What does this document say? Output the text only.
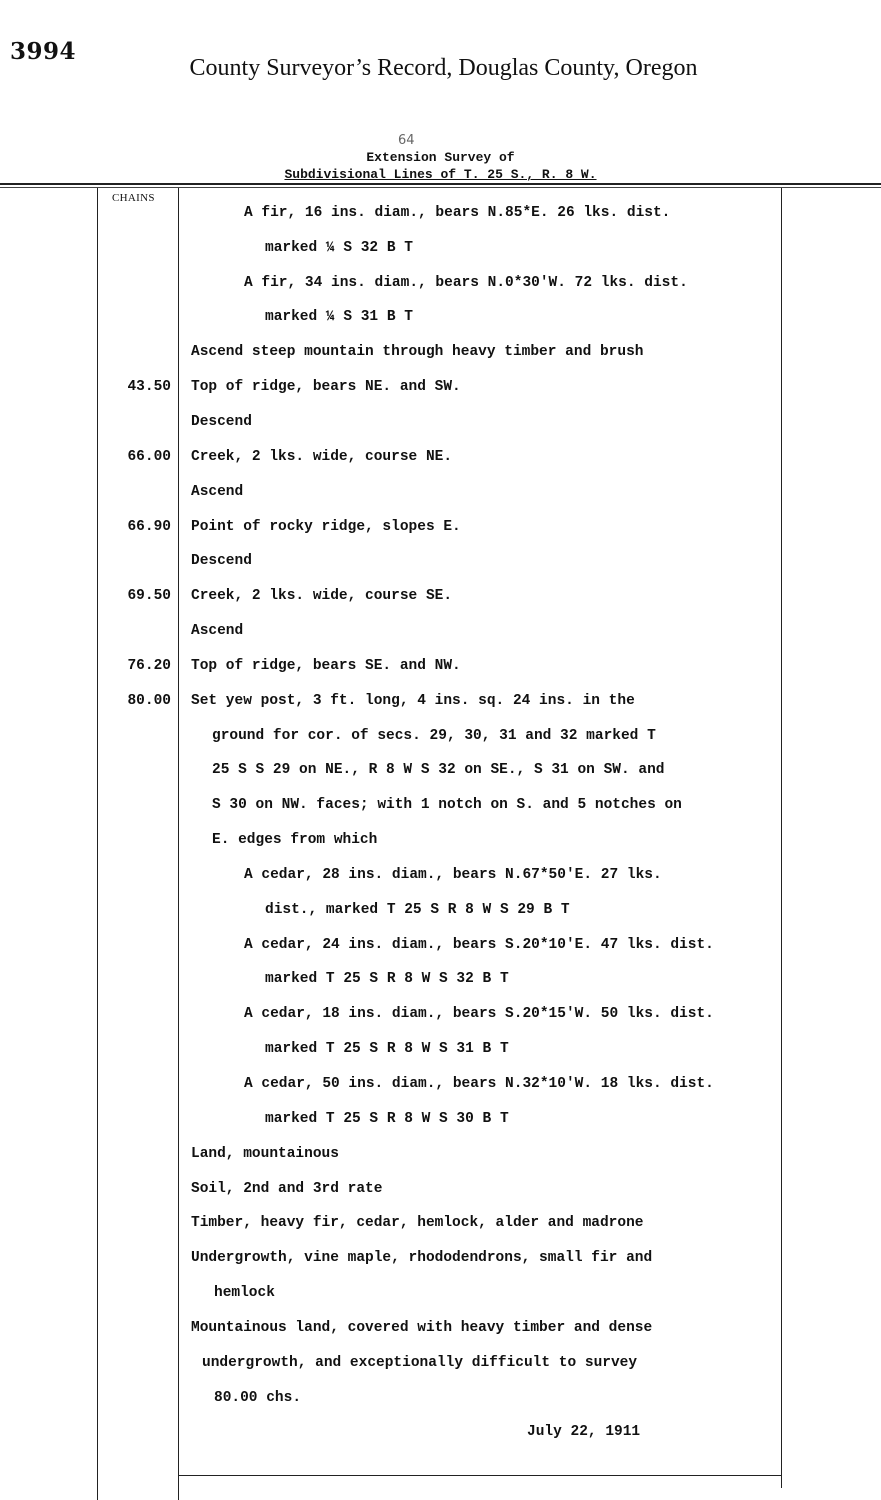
3994
County Surveyor’s Record, Douglas County, Oregon
64
Extension Survey of
Subdivisional Lines of T. 25 S., R. 8 W.
CHAINS
A fir, 16 ins. diam., bears N.85*E. 26 lks. dist.
marked ¼ S 32 B T
A fir, 34 ins. diam., bears N.0*30'W. 72 lks. dist.
marked ¼ S 31 B T
Ascend steep mountain through heavy timber and brush
43.50 Top of ridge, bears NE. and SW.
Descend
66.00 Creek, 2 lks. wide, course NE.
Ascend
66.90 Point of rocky ridge, slopes E.
Descend
69.50 Creek, 2 lks. wide, course SE.
Ascend
76.20 Top of ridge, bears SE. and NW.
80.00 Set yew post, 3 ft. long, 4 ins. sq. 24 ins. in the
ground for cor. of secs. 29, 30, 31 and 32 marked T
25 S S 29 on NE., R 8 W S 32 on SE., S 31 on SW. and
S 30 on NW. faces; with 1 notch on S. and 5 notches on
E. edges from which
A cedar, 28 ins. diam., bears N.67*50'E. 27 lks.
dist., marked T 25 S R 8 W S 29 B T
A cedar, 24 ins. diam., bears S.20*10'E. 47 lks. dist.
marked T 25 S R 8 W S 32 B T
A cedar, 18 ins. diam., bears S.20*15'W. 50 lks. dist.
marked T 25 S R 8 W S 31 B T
A cedar, 50 ins. diam., bears N.32*10'W. 18 lks. dist.
marked T 25 S R 8 W S 30 B T
Land, mountainous
Soil, 2nd and 3rd rate
Timber, heavy fir, cedar, hemlock, alder and madrone
Undergrowth, vine maple, rhododendrons, small fir and
hemlock
Mountainous land, covered with heavy timber and dense
undergrowth, and exceptionally difficult to survey
80.00 chs.
July 22, 1911
